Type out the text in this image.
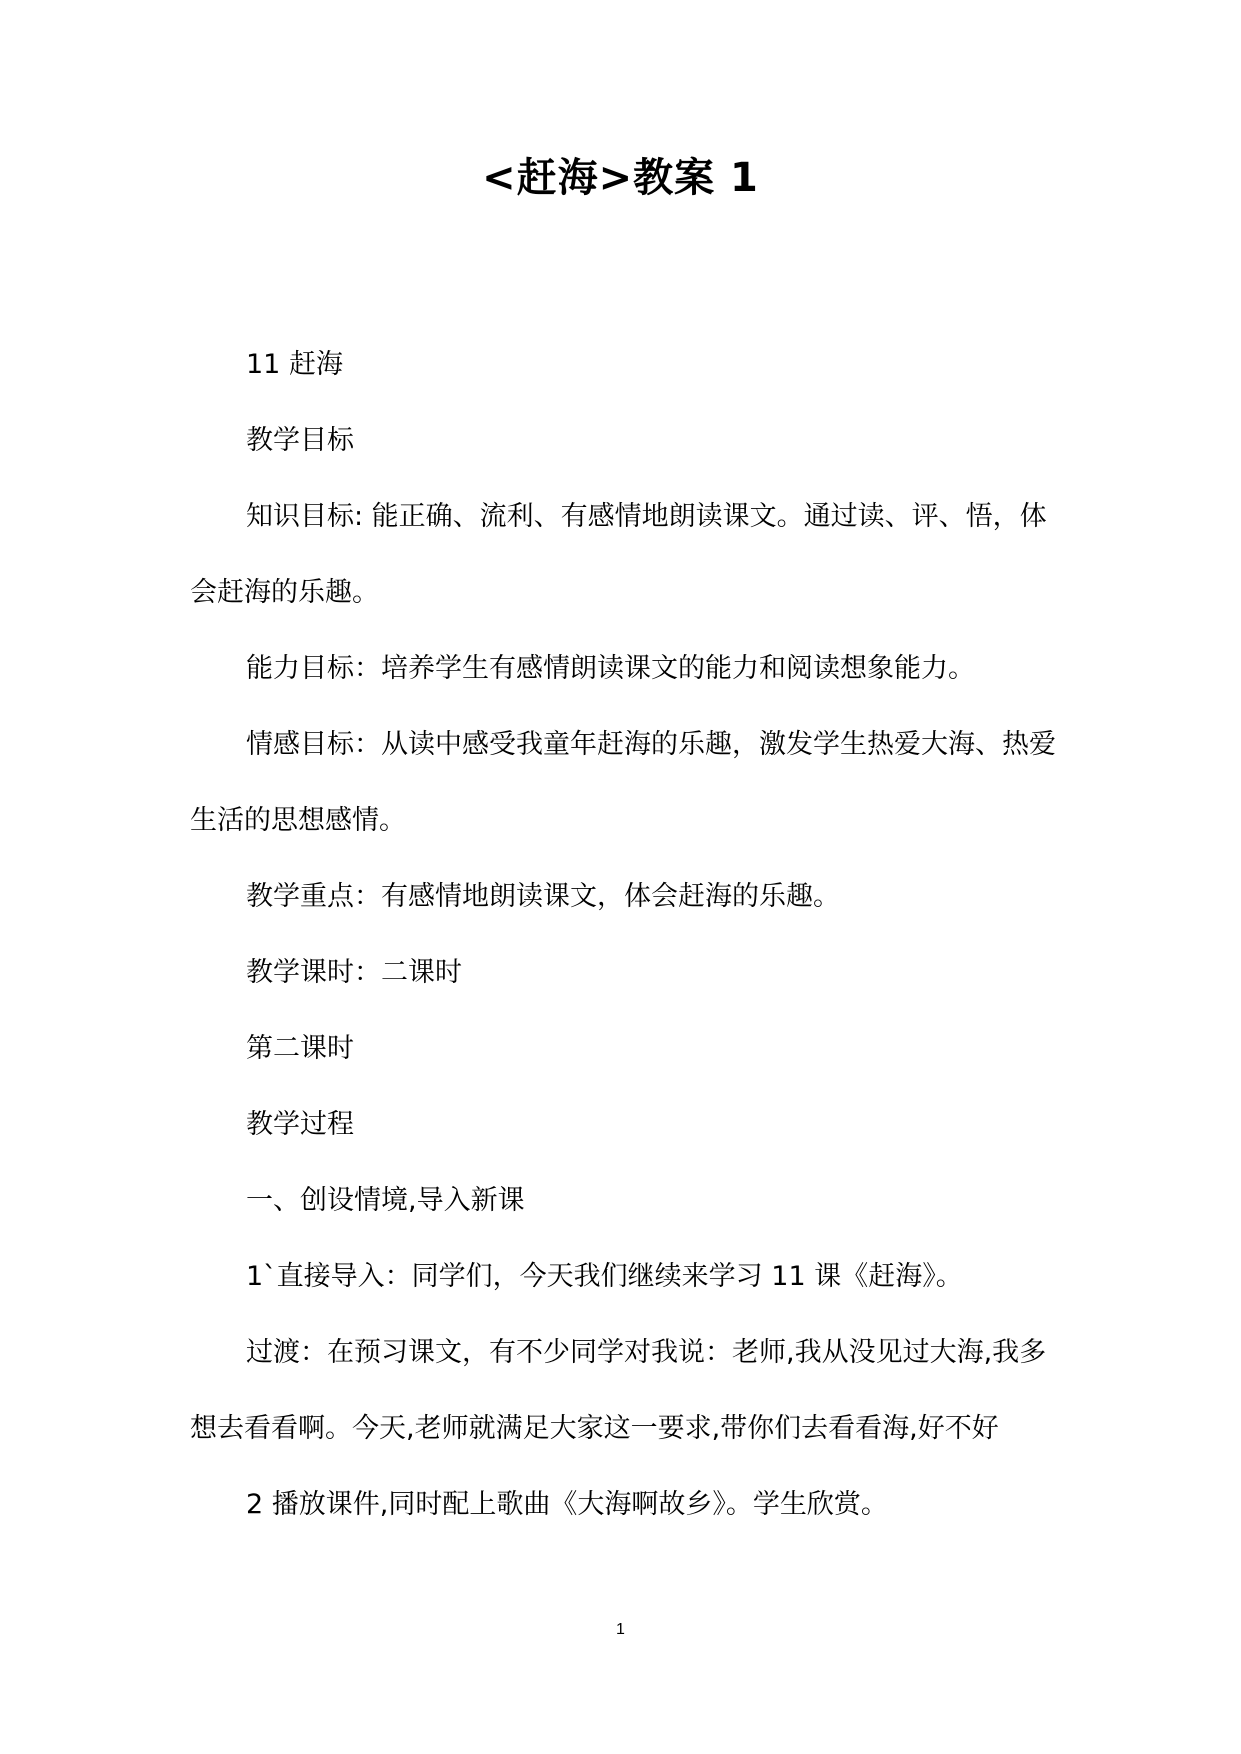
<赶海>教案 1

11 赶海

教学目标

知识目标: 能正确、流利、有感情地朗读课文。通过读、评、悟，体会赶海的乐趣。

能力目标：培养学生有感情朗读课文的能力和阅读想象能力。

情感目标：从读中感受我童年赶海的乐趣，激发学生热爱大海、热爱生活的思想感情。

教学重点：有感情地朗读课文，体会赶海的乐趣。

教学课时：二课时

第二课时

教学过程

一、创设情境,导入新课

1`直接导入：同学们，今天我们继续来学习 11 课《赶海》。

过渡：在预习课文，有不少同学对我说：老师,我从没见过大海,我多想去看看啊。今天,老师就满足大家这一要求,带你们去看看海,好不好

2 播放课件,同时配上歌曲《大海啊故乡》。学生欣赏。

1
